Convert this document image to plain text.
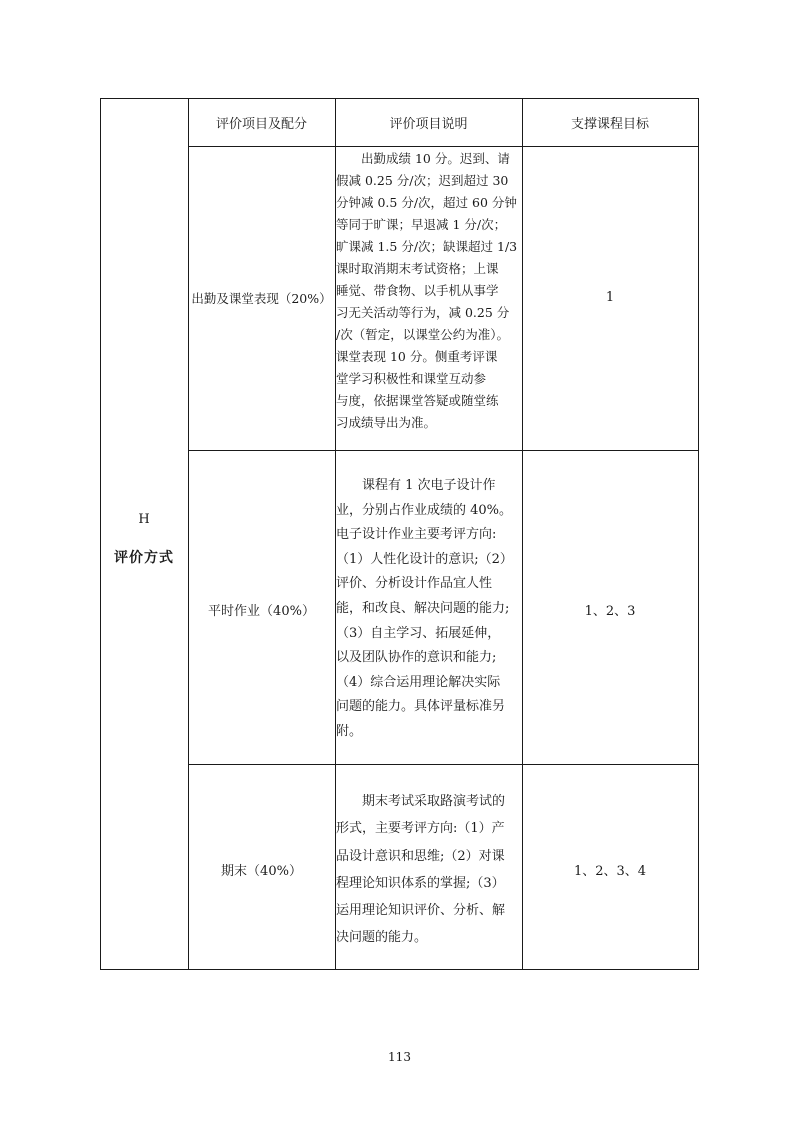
H
评价方式
评价项目及配分	评价项目说明	支撑课程目标
出勤及课堂表现（20%）
　　出勤成绩 10 分。迟到、请
假减 0.25 分/次；迟到超过 30
分钟减 0.5 分/次，超过 60 分钟
等同于旷课；早退减 1 分/次；
旷课减 1.5 分/次；缺课超过 1/3
课时取消期末考试资格；上课
睡觉、带食物、以手机从事学
习无关活动等行为，减 0.25 分
/次（暂定，以课堂公约为准）。
课堂表现 10 分。侧重考评课
堂学习积极性和课堂互动参
与度，依据课堂答疑或随堂练
习成绩导出为准。
1
平时作业（40%）
　　课程有 1 次电子设计作
业，分别占作业成绩的 40%。
电子设计作业主要考评方向:
（1）人性化设计的意识;（2）
评价、分析设计作品宜人性
能，和改良、解决问题的能力;
（3）自主学习、拓展延伸，
以及团队协作的意识和能力;
（4）综合运用理论解决实际
问题的能力。具体评量标准另
附。
1、2、3
期末（40%）
　　期末考试采取路演考试的
形式，主要考评方向:（1）产
品设计意识和思维;（2）对课
程理论知识体系的掌握;（3）
运用理论知识评价、分析、解
决问题的能力。
1、2、3、4
113
